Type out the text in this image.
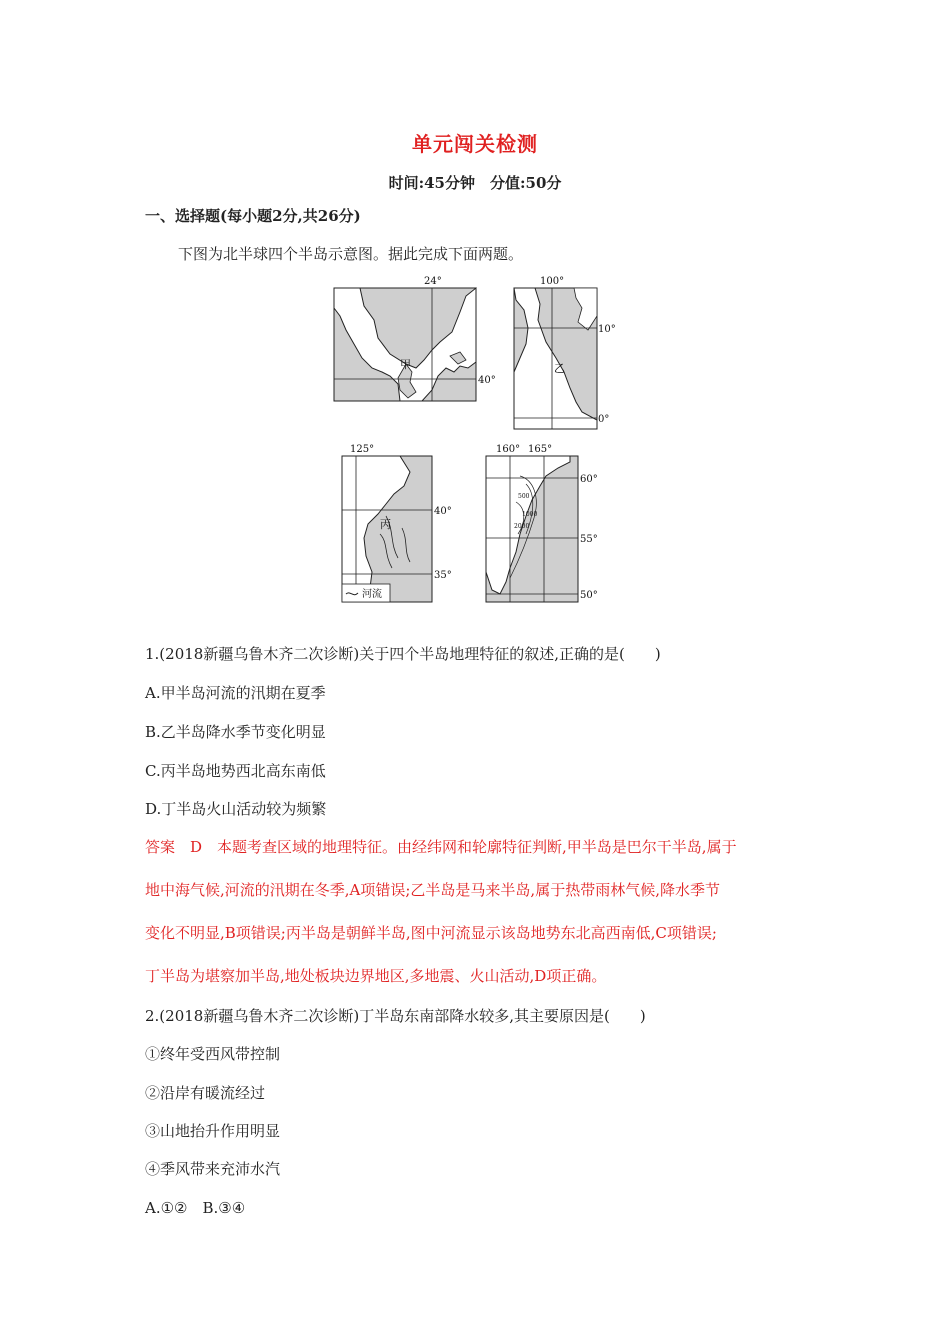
单元闯关检测
时间:45分钟　分值:50分
一、选择题(每小题2分,共26分)
下图为北半球四个半岛示意图。据此完成下面两题。
24°
40°
甲
100°
10°
0°
乙
125°
40°
35°
丙
河流
160° 165°
60°
55°
50°
500
1000
2000
1.(2018新疆乌鲁木齐二次诊断)关于四个半岛地理特征的叙述,正确的是(　　)
A.甲半岛河流的汛期在夏季
B.乙半岛降水季节变化明显
C.丙半岛地势西北高东南低
D.丁半岛火山活动较为频繁
答案　D　本题考查区域的地理特征。由经纬网和轮廓特征判断,甲半岛是巴尔干半岛,属于
地中海气候,河流的汛期在冬季,A项错误;乙半岛是马来半岛,属于热带雨林气候,降水季节
变化不明显,B项错误;丙半岛是朝鲜半岛,图中河流显示该岛地势东北高西南低,C项错误;
丁半岛为堪察加半岛,地处板块边界地区,多地震、火山活动,D项正确。
2.(2018新疆乌鲁木齐二次诊断)丁半岛东南部降水较多,其主要原因是(　　)
①终年受西风带控制
②沿岸有暖流经过
③山地抬升作用明显
④季风带来充沛水汽
A.①②　B.③④
